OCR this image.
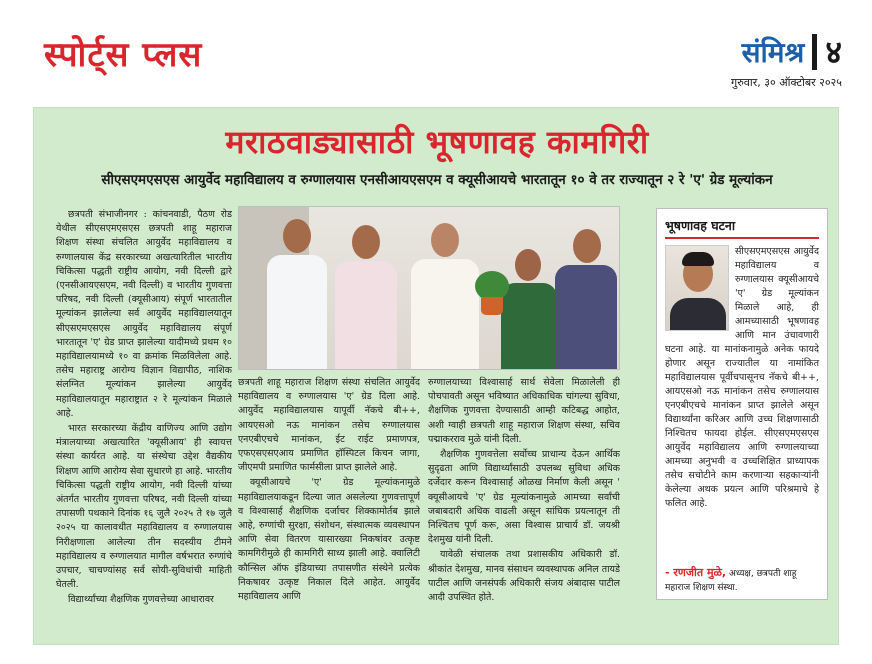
स्पोर्ट्स प्लस	संमिश्र ४
गुरुवार, ३० ऑक्टोबर २०२५
मराठवाड्यासाठी भूषणावह कामगिरी
सीएसएमएसएस आयुर्वेद महाविद्यालय व रुग्णालयास एनसीआयएसएम व क्यूसीआयचे भारतातून १० वे तर राज्यातून २ रे 'ए' ग्रेड मूल्यांकन

छत्रपती संभाजीनगर : कांचनवाडी, पैठण रोड येथील सीएसएमएसएस छत्रपती शाहू महाराज शिक्षण संस्था संचलित आयुर्वेद महाविद्यालय व रुग्णालयास केंद्र सरकारच्या अखत्यारितील भारतीय चिकित्सा पद्धती राष्ट्रीय आयोग, नवी दिल्ली द्वारे (एनसीआयएसएम, नवी दिल्ली) व भारतीय गुणवत्ता परिषद, नवी दिल्ली (क्यूसीआय) संपूर्ण भारतातील मूल्यांकन झालेल्या सर्व आयुर्वेद महाविद्यालयातून सीएसएमएसएस आयुर्वेद महाविद्यालय संपूर्ण भारतातून 'ए' ग्रेड प्राप्त झालेल्या यादीमध्ये प्रथम १० महाविद्यालयामध्ये १० वा क्रमांक मिळविलेला आहे. तसेच महाराष्ट्र आरोग्य विज्ञान विद्यापीठ, नाशिक संलग्नित मूल्यांकन झालेल्या आयुर्वेद महाविद्यालयातून महाराष्ट्रात २ रे मूल्यांकन मिळाले आहे.

भारत सरकारच्या केंद्रीय वाणिज्य आणि उद्योग मंत्रालयाच्या अखत्यारित 'क्यूसीआय' ही स्वायत्त संस्था कार्यरत आहे. या संस्थेचा उद्देश वैद्यकीय शिक्षण आणि आरोग्य सेवा सुधारणे हा आहे. भारतीय चिकित्सा पद्धती राष्ट्रीय आयोग, नवी दिल्ली यांच्या अंतर्गत भारतीय गुणवत्ता परिषद, नवी दिल्ली यांच्या तपासणी पथकाने दिनांक १६ जुलै २०२५ ते १७ जुलै २०२५ या कालावधीत महाविद्यालय व रुग्णालयास निरीक्षणाला आलेल्या तीन सदस्यीय टीमने महाविद्यालय व रुग्णालयात मागील वर्षभरात रुग्णांचे उपचार, चाचण्यांसह सर्व सोयी-सुविधांची माहिती घेतली.

विद्यार्थ्यांच्या शैक्षणिक गुणवत्तेच्या आधारावर

छत्रपती शाहू महाराज शिक्षण संस्था संचलित आयुर्वेद महाविद्यालय व रुग्णालयास 'ए' ग्रेड दिला आहे. आयुर्वेद महाविद्यालयास यापूर्वी नॅकचे बी++, आयएसओ नऊ मानांकन तसेच रुग्णालयास एनएबीएचचे मानांकन, ईट राईट प्रमाणपत्र, एफएसएसएआय प्रमाणित हॉस्पिटल किचन जागा, जीएमपी प्रमाणित फार्मसीला प्राप्त झालेले आहे.

क्यूसीआयचे 'ए' ग्रेड मूल्यांकनामुळे महाविद्यालयाकडून दिल्या जात असलेल्या गुणवत्तापूर्ण व विश्वासार्ह शैक्षणिक दर्जाचर शिक्कामोर्तब झाले आहे, रुग्णांची सुरक्षा, संशोधन, संस्थात्मक व्यवस्थापन आणि सेवा वितरण यासारख्या निकषांवर उत्कृष्ट कामगिरीमुळे ही कामगिरी साध्य झाली आहे. क्वालिटी कौन्सिल ऑफ इंडियाच्या तपासणीत संस्थेने प्रत्येक निकषावर उत्कृष्ट निकाल दिले आहेत. आयुर्वेद महाविद्यालय आणि

रुग्णालयाच्या विश्वासार्ह सार्थ सेवेला मिळालेली ही पोचपावती असून भविष्यात अधिकाधिक चांगल्या सुविधा, शैक्षणिक गुणवत्ता देण्यासाठी आम्ही कटिबद्ध आहोत, अशी ग्वाही छत्रपती शाहू महाराज शिक्षण संस्था, सचिव पद्माकरराव मुळे यांनी दिली.

शैक्षणिक गुणवत्तेला सर्वोच्च प्राधान्य देऊन आर्थिक सुदृढता आणि विद्यार्थ्यांसाठी उपलब्ध सुविधा अधिक दर्जेदार करून विश्वासार्ह ओळख निर्माण केली असून ' क्यूसीआयचे 'ए' ग्रेड मूल्यांकनामुळे आमच्या सर्वांची जबाबदारी अधिक वाढली असून सांघिक प्रयत्नातून ती निश्चितच पूर्ण करू, असा विश्वास प्राचार्य डॉ. जयश्री देशमुख यांनी दिली.

यावेळी संचालक तथा प्रशासकीय अधिकारी डॉ. श्रीकांत देशमुख, मानव संसाधन व्यवस्थापक अनिल तायडे पाटील आणि जनसंपर्क अधिकारी संजय अंबादास पाटील आदी उपस्थित होते.

भूषणावह घटना
सीएसएमएसएस आयुर्वेद महाविद्यालय व रुग्णालयास क्यूसीआयचे 'ए' ग्रेड मूल्यांकन मिळाले आहे, ही आमच्यासाठी भूषणावह आणि मान उंचावणारी घटना आहे. या मानांकनामुळे अनेक फायदे होणार असून राज्यातील या नामांकित महाविद्यालयास पूर्वीचपासूनच नॅकचे बी++, आयएसओ नऊ मानांकन तसेच रुग्णालयास एनएबीएचचे मानांकन प्राप्त झालेले असून विद्यार्थ्यांना करिअर आणि उच्च शिक्षणासाठी निश्चितच फायदा होईल. सीएसएमएसएस आयुर्वेद महाविद्यालय आणि रुग्णालयाच्या आमच्या अनुभवी व उच्चशिक्षित प्राध्यापक तसेच सचोटीने काम करणाऱ्या सहकाऱ्यांनी केलेल्या अथक प्रयत्न आणि परिश्रमाचे हे फलित आहे.
- रणजीत मुळे, अध्यक्ष, छत्रपती शाहू महाराज शिक्षण संस्था.
